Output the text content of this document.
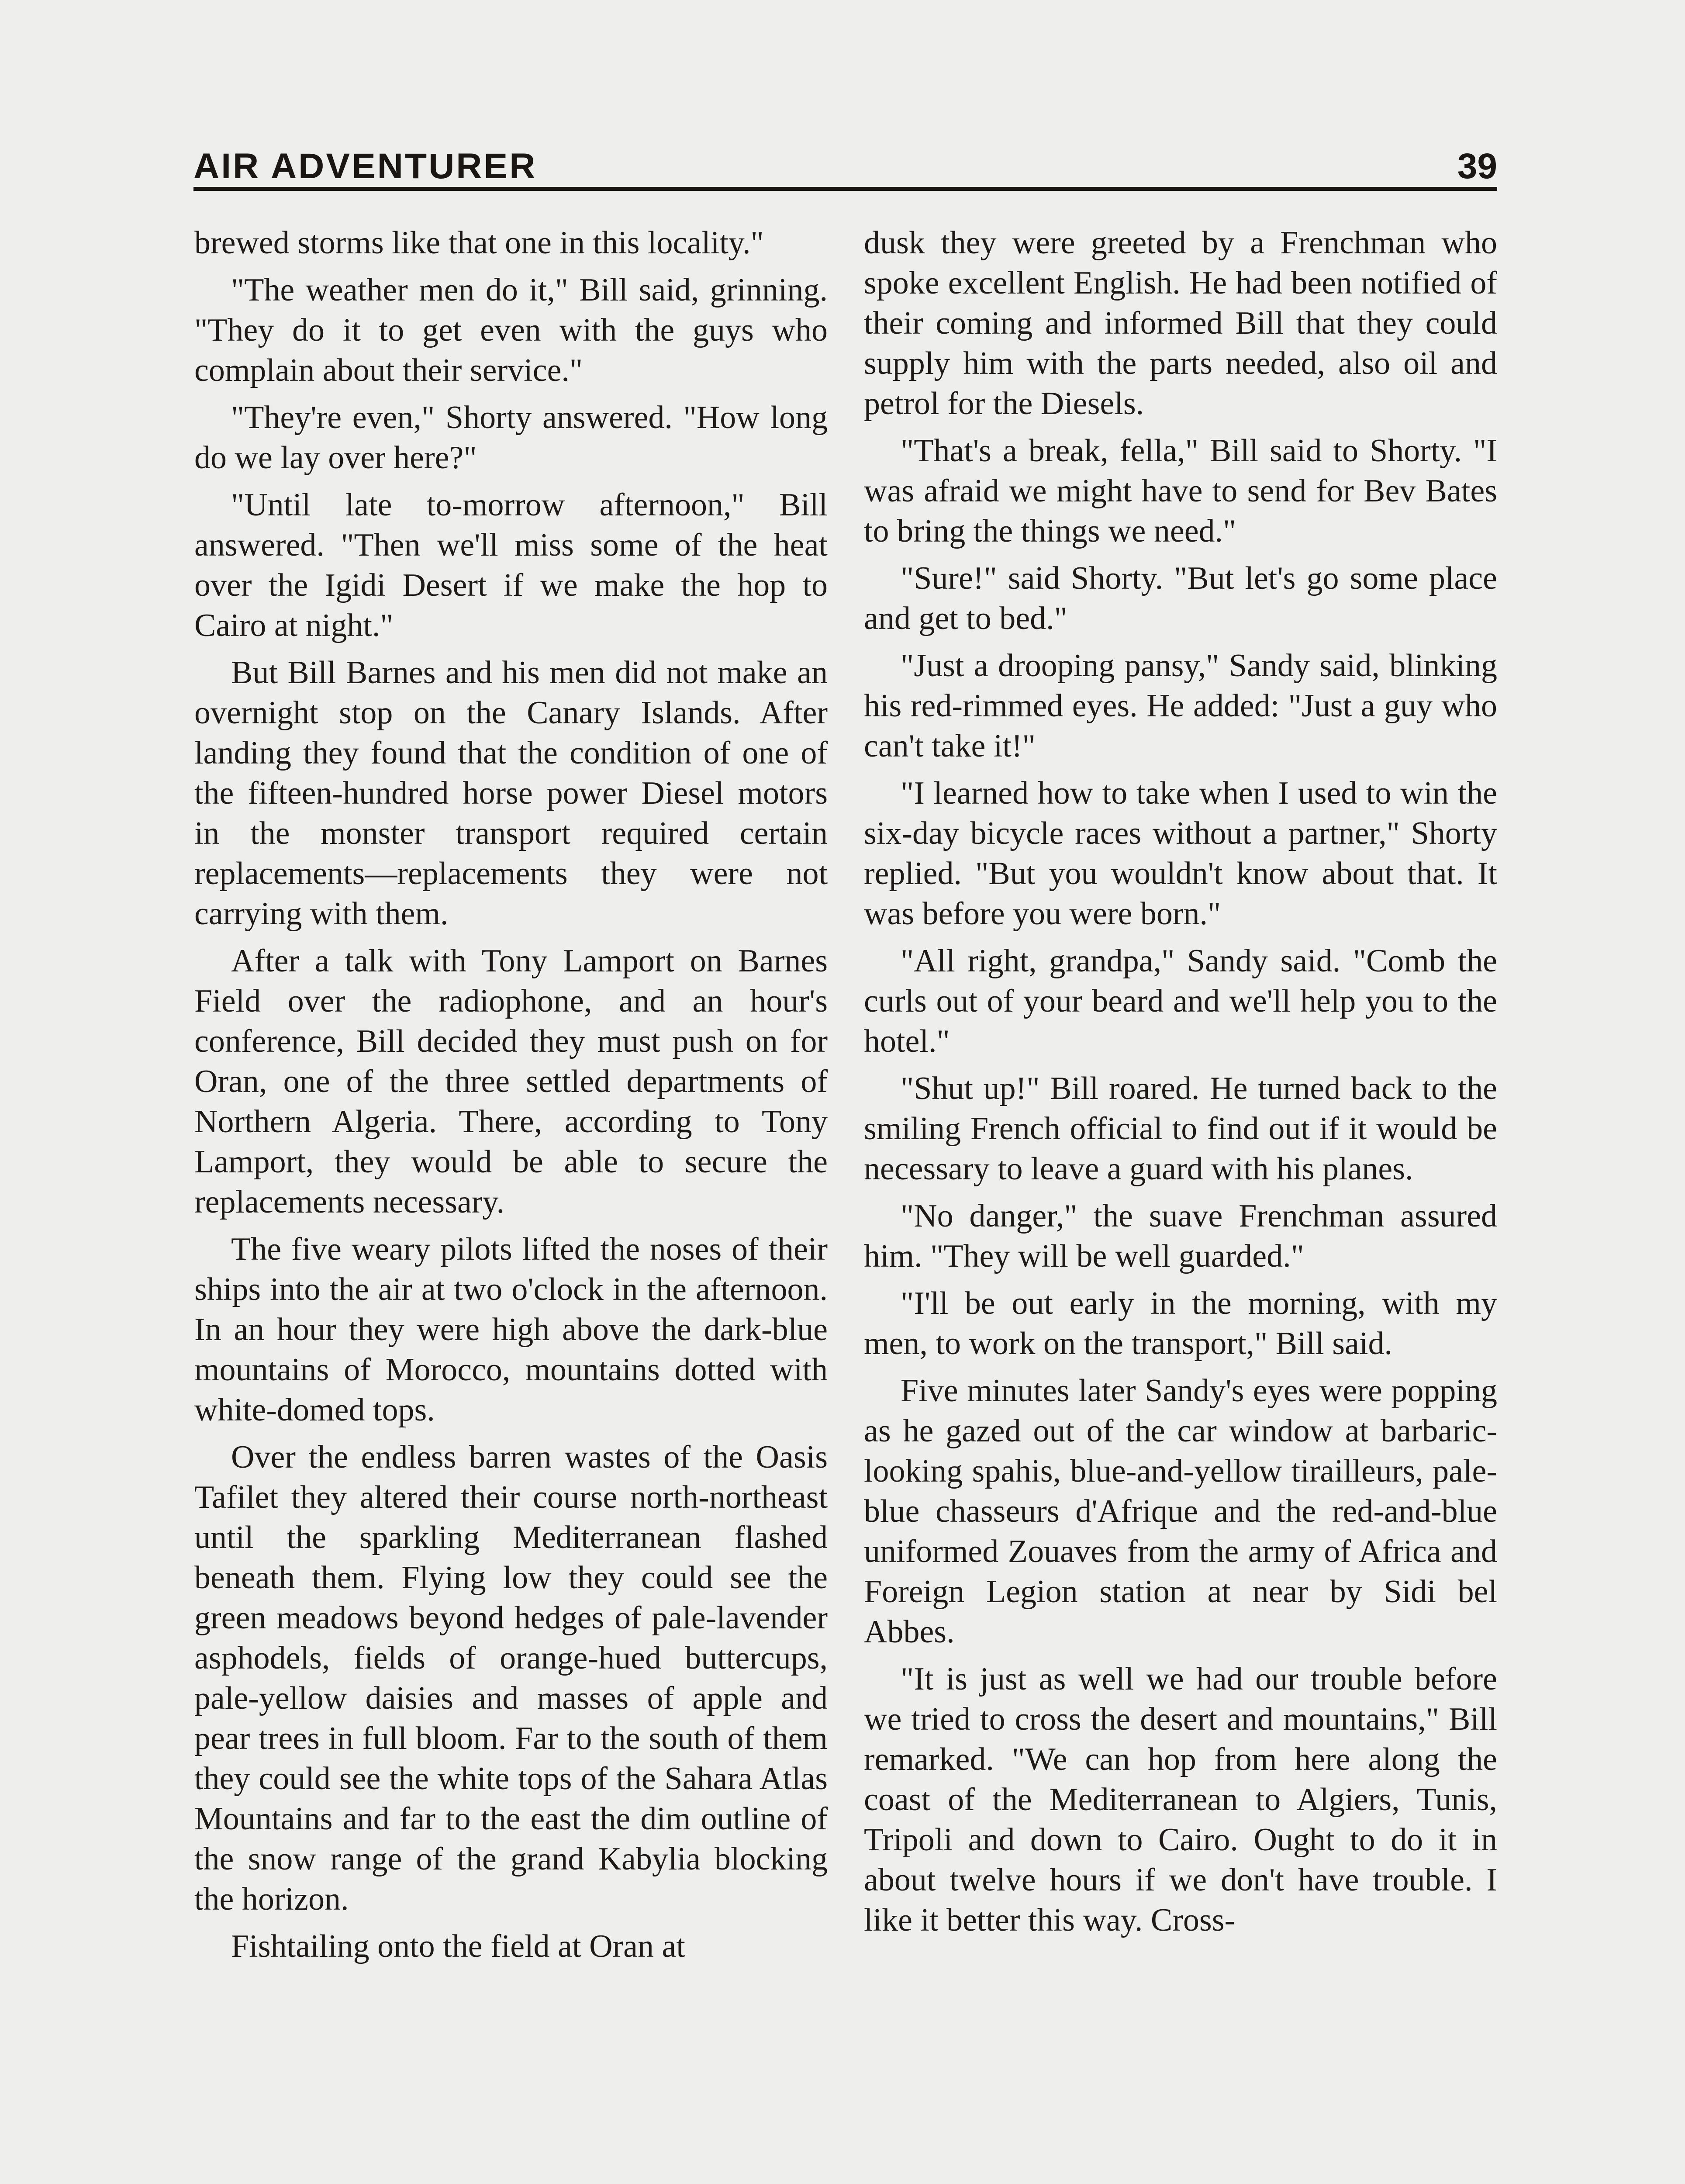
AIR ADVENTURER	39

brewed storms like that one in this locality."

"The weather men do it," Bill said, grinning. "They do it to get even with the guys who complain about their service."

"They're even," Shorty answered. "How long do we lay over here?"

"Until late to-morrow afternoon," Bill answered. "Then we'll miss some of the heat over the Igidi Desert if we make the hop to Cairo at night."

But Bill Barnes and his men did not make an overnight stop on the Canary Islands. After landing they found that the condition of one of the fifteen-hundred horse power Diesel motors in the monster transport required certain replacements—replacements they were not carrying with them.

After a talk with Tony Lamport on Barnes Field over the radiophone, and an hour's conference, Bill decided they must push on for Oran, one of the three settled departments of Northern Algeria. There, according to Tony Lamport, they would be able to secure the replacements necessary.

The five weary pilots lifted the noses of their ships into the air at two o'clock in the afternoon. In an hour they were high above the dark-blue mountains of Morocco, mountains dotted with white-domed tops.

Over the endless barren wastes of the Oasis Tafilet they altered their course north-northeast until the sparkling Mediterranean flashed beneath them. Flying low they could see the green meadows beyond hedges of pale-lavender asphodels, fields of orange-hued buttercups, pale-yellow daisies and masses of apple and pear trees in full bloom. Far to the south of them they could see the white tops of the Sahara Atlas Mountains and far to the east the dim outline of the snow range of the grand Kabylia blocking the horizon.

Fishtailing onto the field at Oran at

dusk they were greeted by a Frenchman who spoke excellent English. He had been notified of their coming and informed Bill that they could supply him with the parts needed, also oil and petrol for the Diesels.

"That's a break, fella," Bill said to Shorty. "I was afraid we might have to send for Bev Bates to bring the things we need."

"Sure!" said Shorty. "But let's go some place and get to bed."

"Just a drooping pansy," Sandy said, blinking his red-rimmed eyes. He added: "Just a guy who can't take it!"

"I learned how to take when I used to win the six-day bicycle races without a partner," Shorty replied. "But you wouldn't know about that. It was before you were born."

"All right, grandpa," Sandy said. "Comb the curls out of your beard and we'll help you to the hotel."

"Shut up!" Bill roared. He turned back to the smiling French official to find out if it would be necessary to leave a guard with his planes.

"No danger," the suave Frenchman assured him. "They will be well guarded."

"I'll be out early in the morning, with my men, to work on the transport," Bill said.

Five minutes later Sandy's eyes were popping as he gazed out of the car window at barbaric-looking spahis, blue-and-yellow tirailleurs, pale-blue chasseurs d'Afrique and the red-and-blue uniformed Zouaves from the army of Africa and Foreign Legion station at near by Sidi bel Abbes.

"It is just as well we had our trouble before we tried to cross the desert and mountains," Bill remarked. "We can hop from here along the coast of the Mediterranean to Algiers, Tunis, Tripoli and down to Cairo. Ought to do it in about twelve hours if we don't have trouble. I like it better this way. Cross-
